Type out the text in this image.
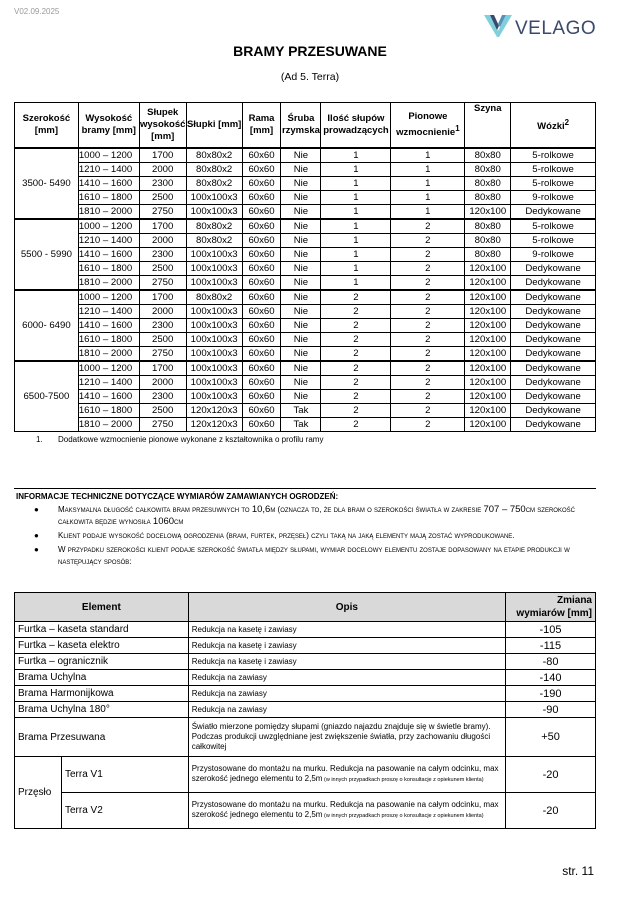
V02.09.2025
VELAGO
BRAMY PRZESUWANE
(Ad 5. Terra)
Szerokość [mm]	Wysokość bramy [mm]	Słupek wysokość [mm]	Słupki [mm]	Rama [mm]	Śruba rzymska	Ilość słupów prowadzących	Pionowe wzmocnienie$^1$	Szyna	Wózki$^2$
3500- 5490	1000 – 1200	1700	80x80x2	60x60	Nie	1	1	80x80	5-rolkowe
	1210 – 1400	2000	80x80x2	60x60	Nie	1	1	80x80	5-rolkowe
	1410 – 1600	2300	80x80x2	60x60	Nie	1	1	80x80	5-rolkowe
	1610 – 1800	2500	100x100x3	60x60	Nie	1	1	80x80	9-rolkowe
	1810 – 2000	2750	100x100x3	60x60	Nie	1	1	120x100	Dedykowane
5500 - 5990	1000 – 1200	1700	80x80x2	60x60	Nie	1	2	80x80	5-rolkowe
	1210 – 1400	2000	80x80x2	60x60	Nie	1	2	80x80	5-rolkowe
	1410 – 1600	2300	100x100x3	60x60	Nie	1	2	80x80	9-rolkowe
	1610 – 1800	2500	100x100x3	60x60	Nie	1	2	120x100	Dedykowane
	1810 – 2000	2750	100x100x3	60x60	Nie	1	2	120x100	Dedykowane
6000- 6490	1000 – 1200	1700	80x80x2	60x60	Nie	2	2	120x100	Dedykowane
	1210 – 1400	2000	100x100x3	60x60	Nie	2	2	120x100	Dedykowane
	1410 – 1600	2300	100x100x3	60x60	Nie	2	2	120x100	Dedykowane
	1610 – 1800	2500	100x100x3	60x60	Nie	2	2	120x100	Dedykowane
	1810 – 2000	2750	100x100x3	60x60	Nie	2	2	120x100	Dedykowane
6500-7500	1000 – 1200	1700	100x100x3	60x60	Nie	2	2	120x100	Dedykowane
	1210 – 1400	2000	100x100x3	60x60	Nie	2	2	120x100	Dedykowane
	1410 – 1600	2300	100x100x3	60x60	Nie	2	2	120x100	Dedykowane
	1610 – 1800	2500	120x120x3	60x60	Tak	2	2	120x100	Dedykowane
	1810 – 2000	2750	120x120x3	60x60	Tak	2	2	120x100	Dedykowane
1. Dodatkowe wzmocnienie pionowe wykonane z kształtownika o profilu ramy
INFORMACJE TECHNICZNE DOTYCZĄCE WYMIARÓW ZAMAWIANYCH OGRODZEŃ:
● Maksymalna długość całkowita bram przesuwnych to 10,6m (oznacza to, że dla bram o szerokości światła w zakresie 707 – 750cm szerokość całkowita będzie wynosiła 1060cm
● Klient podaje wysokość docelową ogrodzenia (bram, furtek, przęseł) czyli taką na jaką elementy mają zostać wyprodukowane.
● W przypadku szerokości klient podaje szerokość światła między słupami, wymiar docelowy elementu zostaje dopasowany na etapie produkcji w następujący sposób:
Element		Opis	Zmiana wymiarów [mm]
Furtka – kaseta standard		Redukcja na kasetę i zawiasy	-105
Furtka – kaseta elektro		Redukcja na kasetę i zawiasy	-115
Furtka – ogranicznik		Redukcja na kasetę i zawiasy	-80
Brama Uchylna		Redukcja na zawiasy	-140
Brama Harmonijkowa		Redukcja na zawiasy	-190
Brama Uchylna 180°		Redukcja na zawiasy	-90
Brama Przesuwana		Światło mierzone pomiędzy słupami (gniazdo najazdu znajduje się w świetle bramy). Podczas produkcji uwzględniane jest zwiększenie światła, przy zachowaniu długości całkowitej	+50
Przęsło	Terra V1	Przystosowane do montażu na murku. Redukcja na pasowanie na całym odcinku, max szerokość jednego elementu to 2,5m (w innych przypadkach proszę o konsultacje z opiekunem klienta)	-20
	Terra V2	Przystosowane do montażu na murku. Redukcja na pasowanie na całym odcinku, max szerokość jednego elementu to 2,5m (w innych przypadkach proszę o konsultacje z opiekunem klienta)	-20
str. 11
